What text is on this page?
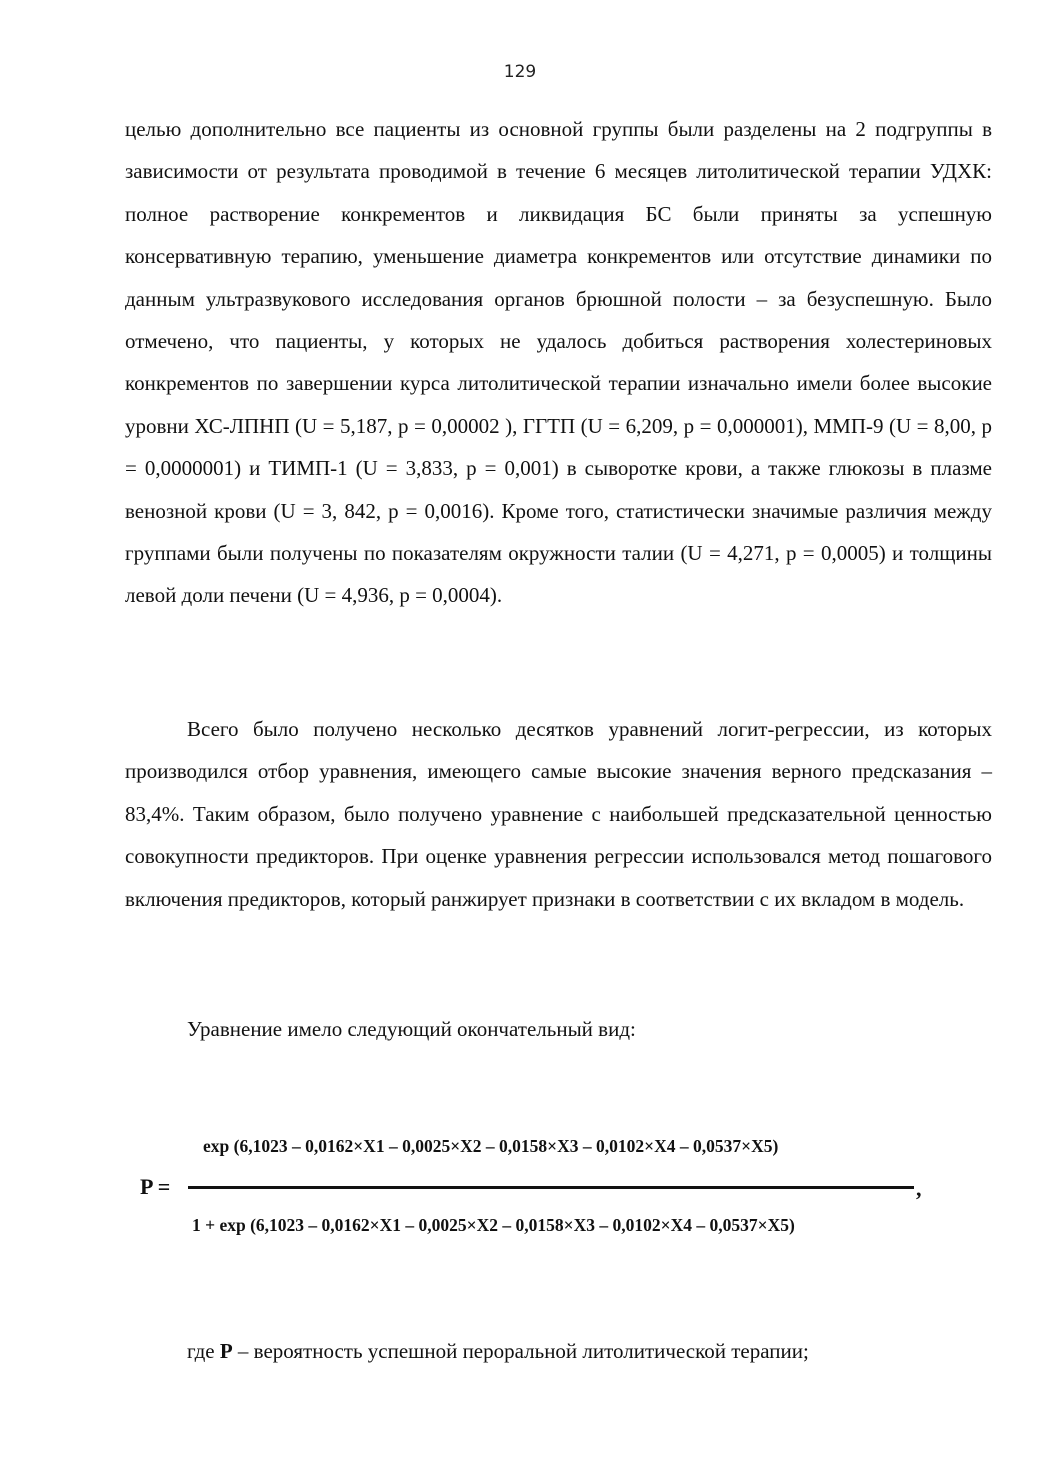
129
целью дополнительно все пациенты из основной группы были разделены на 2 подгруппы в зависимости от результата проводимой в течение 6 месяцев литолитической терапии УДХК: полное растворение конкрементов и ликвидация БС были приняты за успешную консервативную терапию, уменьшение диаметра конкрементов или отсутствие динамики по данным ультразвукового исследования органов брюшной полости – за безуспешную. Было отмечено, что пациенты, у которых не удалось добиться растворения холестериновых конкрементов по завершении курса литолитической терапии изначально имели более высокие уровни ХС-ЛПНП (U = 5,187, p = 0,00002 ), ГГТП (U = 6,209, p = 0,000001), ММП-9 (U = 8,00, p = 0,0000001) и ТИМП-1 (U = 3,833, p = 0,001) в сыворотке крови, а также глюкозы в плазме венозной крови (U = 3, 842, p = 0,0016). Кроме того, статистически значимые различия между группами были получены по показателям окружности талии (U = 4,271, p = 0,0005) и толщины левой доли печени (U = 4,936, p = 0,0004).
Всего было получено несколько десятков уравнений логит-регрессии, из которых производился отбор уравнения, имеющего самые высокие значения верного предсказания – 83,4%. Таким образом, было получено уравнение с наибольшей предсказательной ценностью совокупности предикторов. При оценке уравнения регрессии использовался метод пошагового включения предикторов, который ранжирует признаки в соответствии с их вкладом в модель.
Уравнение имело следующий окончательный вид:
P =
exp (6,1023 – 0,0162×X1 – 0,0025×X2 – 0,0158×X3 – 0,0102×X4 – 0,0537×X5)
,
1 + exp (6,1023 – 0,0162×X1 – 0,0025×X2 – 0,0158×X3 – 0,0102×X4 – 0,0537×X5)
где P – вероятность успешной пероральной литолитической терапии;
